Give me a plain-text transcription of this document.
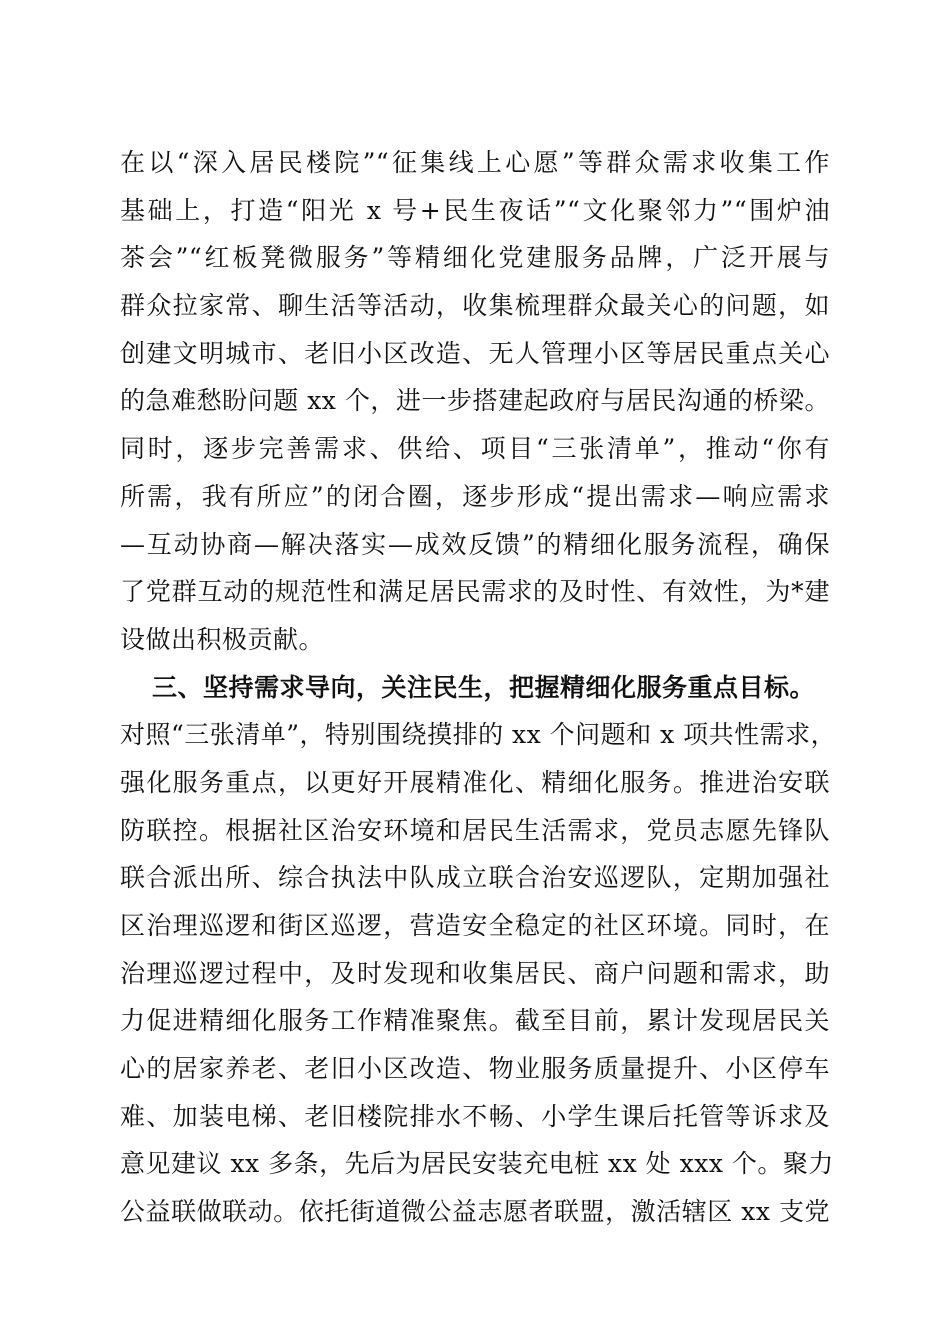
在以“深入居民楼院”“征集线上心愿”等群众需求收集工作
基础上，打造“阳光 x 号+民生夜话”“文化聚邻力”“围炉油
茶会”“红板凳微服务”等精细化党建服务品牌，广泛开展与
群众拉家常、聊生活等活动，收集梳理群众最关心的问题，如
创建文明城市、老旧小区改造、无人管理小区等居民重点关心
的急难愁盼问题 xx 个，进一步搭建起政府与居民沟通的桥梁。
同时，逐步完善需求、供给、项目“三张清单”，推动“你有
所需，我有所应”的闭合圈，逐步形成“提出需求—响应需求
—互动协商—解决落实—成效反馈”的精细化服务流程，确保
了党群互动的规范性和满足居民需求的及时性、有效性，为*建
设做出积极贡献。
三、坚持需求导向，关注民生，把握精细化服务重点目标。
对照“三张清单”，特别围绕摸排的 xx 个问题和 x 项共性需求，
强化服务重点，以更好开展精准化、精细化服务。推进治安联
防联控。根据社区治安环境和居民生活需求，党员志愿先锋队
联合派出所、综合执法中队成立联合治安巡逻队，定期加强社
区治理巡逻和街区巡逻，营造安全稳定的社区环境。同时，在
治理巡逻过程中，及时发现和收集居民、商户问题和需求，助
力促进精细化服务工作精准聚焦。截至目前，累计发现居民关
心的居家养老、老旧小区改造、物业服务质量提升、小区停车
难、加装电梯、老旧楼院排水不畅、小学生课后托管等诉求及
意见建议 xx 多条，先后为居民安装充电桩 xx 处 xxx 个。聚力
公益联做联动。依托街道微公益志愿者联盟，激活辖区 xx 支党
